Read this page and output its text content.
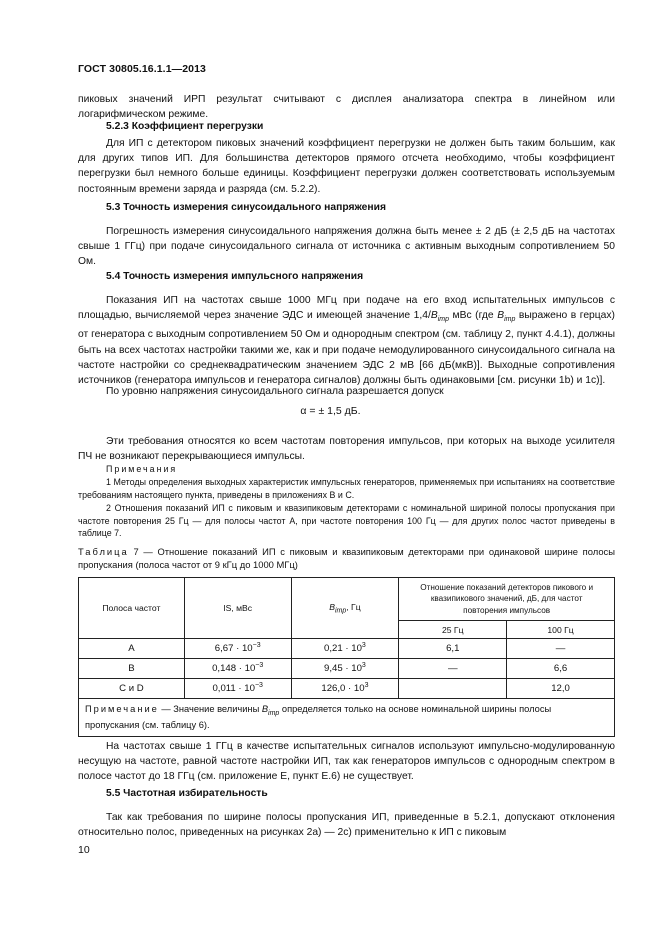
ГОСТ 30805.16.1.1—2013
пиковых значений ИРП результат считывают с дисплея анализатора спектра в линейном или логарифмическом режиме.
5.2.3 Коэффициент перегрузки
Для ИП с детектором пиковых значений коэффициент перегрузки не должен быть таким большим, как для других типов ИП. Для большинства детекторов прямого отсчета необходимо, чтобы коэффициент перегрузки был немного больше единицы. Коэффициент перегрузки должен соответствовать используемым постоянным времени заряда и разряда (см. 5.2.2).
5.3 Точность измерения синусоидального напряжения
Погрешность измерения синусоидального напряжения должна быть менее ± 2 дБ (± 2,5 дБ на частотах свыше 1 ГГц) при подаче синусоидального сигнала от источника с активным выходным сопротивлением 50 Ом.
5.4 Точность измерения импульсного напряжения
Показания ИП на частотах свыше 1000 МГц при подаче на его вход испытательных импульсов с площадью, вычисляемой через значение ЭДС и имеющей значение $1,4/B_{imp}$ мВс (где $B_{imp}$ выражено в герцах) от генератора с выходным сопротивлением 50 Ом и однородным спектром (см. таблицу 2, пункт 4.4.1), должны быть на всех частотах настройки такими же, как и при подаче немодулированного синусоидального сигнала на частоте настройки со среднеквадратическим значением ЭДС 2 мВ [66 дБ(мкВ)]. Выходные сопротивления источников (генератора импульсов и генератора сигналов) должны быть одинаковыми [см. рисунки 1b) и 1c)].
По уровню напряжения синусоидального сигнала разрешается допуск
α = ± 1,5 дБ.
Эти требования относятся ко всем частотам повторения импульсов, при которых на выходе усилителя ПЧ не возникают перекрывающиеся импульсы.
Примечания
1 Методы определения выходных характеристик импульсных генераторов, применяемых при испытаниях на соответствие требованиям настоящего пункта, приведены в приложениях В и С.
2 Отношения показаний ИП с пиковым и квазипиковым детекторами с номинальной шириной полосы пропускания при частоте повторения 25 Гц — для полосы частот А, при частоте повторения 100 Гц — для других полос частот приведены в таблице 7.
Таблица 7 — Отношение показаний ИП с пиковым и квазипиковым детекторами при одинаковой ширине полосы пропускания (полоса частот от 9 кГц до 1000 МГц)
Полоса частот	IS, мВс	$B_{imp}$, Гц	Отношение показаний детекторов пикового и квазипикового значений, дБ, для частот повторения импульсов	
			25 Гц	100 Гц
A	$6,67 \cdot 10^{-3}$	$0,21 \cdot 10^3$	6,1	—
B	$0,148 \cdot 10^{-3}$	$9,45 \cdot 10^3$	—	6,6
C и D	$0,011 \cdot 10^{-3}$	$126,0 \cdot 10^3$		12,0
Примечание — Значение величины $B_{imp}$ определяется только на основе номинальной ширины полосы пропускания (см. таблицу 6).				
На частотах свыше 1 ГГц в качестве испытательных сигналов используют импульсно-модулированную несущую на частоте, равной частоте настройки ИП, так как генераторов импульсов с однородным спектром в полосе частот до 18 ГГц (см. приложение Е, пункт Е.6) не существует.
5.5 Частотная избирательность
Так как требования по ширине полосы пропускания ИП, приведенные в 5.2.1, допускают отклонения относительно полос, приведенных на рисунках 2а) — 2с) применительно к ИП с пиковым
10
